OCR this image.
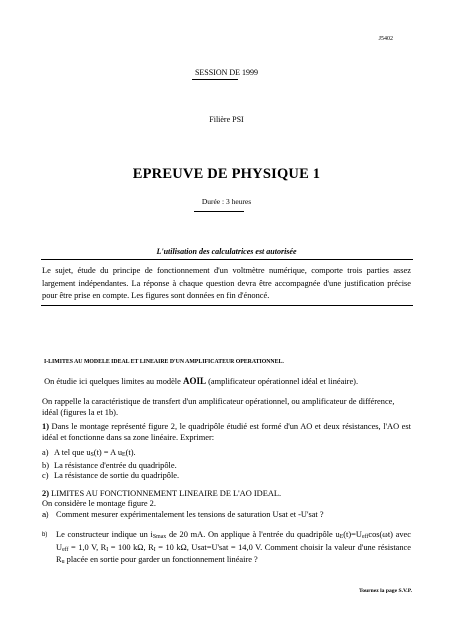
J5402
SESSION DE 1999
Filière PSI
EPREUVE DE PHYSIQUE 1
Durée : 3 heures
L'utilisation des calculatrices est autorisée
Le sujet, étude du principe de fonctionnement d'un voltmètre numérique, comporte trois parties assez largement indépendantes. La réponse à chaque question devra être accompagnée d'une justification précise pour être prise en compte. Les figures sont données en fin d'énoncé.
I-LIMITES AU MODELE IDEAL ET LINEAIRE D'UN AMPLIFICATEUR OPERATIONNEL.
On étudie ici quelques limites au modèle AOIL (amplificateur opérationnel idéal et linéaire).
On rappelle la caractéristique de transfert d'un amplificateur opérationnel, ou amplificateur de différence, idéal (figures la et 1b).
1) Dans le montage représenté figure 2, le quadripôle étudié est formé d'un AO et deux résistances, l'AO est idéal et fonctionne dans sa zone linéaire. Exprimer:
a) A tel que $u_S(t) = A$ $u_E(t)$.
b) La résistance d'entrée du quadripôle.
c) La résistance de sortie du quadripôle.
2) LIMITES AU FONCTIONNEMENT LINEAIRE DE L'AO IDEAL.
On considère le montage figure 2.
a) Comment mesurer expérimentalement les tensions de saturation Usat et -U'sat ?
b) Le constructeur indique un $i_{Smax}$ de 20 mA. On applique à l'entrée du quadripôle $u_E(t)=U_{eff}\cos(\omega t)$ avec $U_{eff} = 1,0$ V, $R_I = 100$ kΩ, $R_I = 10$ kΩ, Usat=U'sat = 14,0 V. Comment choisir la valeur d'une résistance $R_u$ placée en sortie pour garder un fonctionnement linéaire ?
Tournez la page S.V.P.
